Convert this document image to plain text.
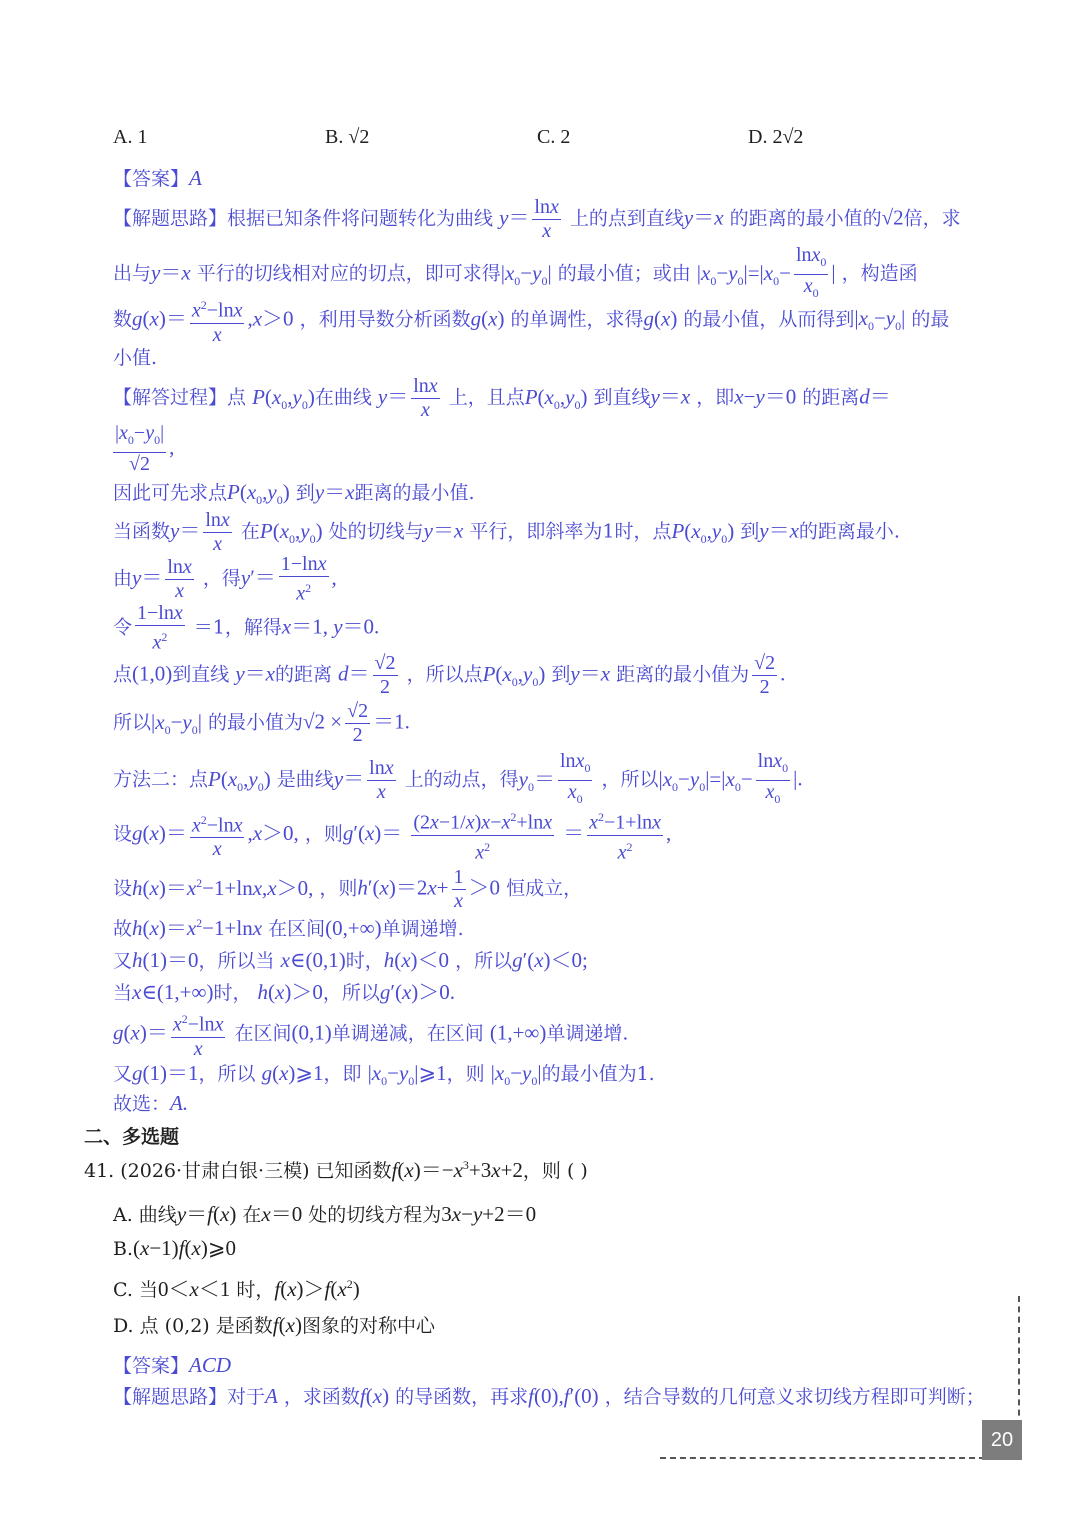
A. 1	B. √2	C. 2	D. 2√2
【答案】A
【解题思路】根据已知条件将问题转化为曲线 $y= \frac{\ln x}{x}$ 上的点到直线y＝x 的距离的最小值的√2倍，求
出与y＝x 平行的切线相对应的切点，即可求得$|x_0-y_0|$ 的最小值；或由 $|x_0-y_0|=|x_0- \frac{\ln x_0}{x_0}$ | ，构造函
数$g(x)= \frac{x^2-\ln x}{x} ,x>0$ ，利用导数分析函数g(x) 的单调性，求得g(x) 的最小值，从而得到$|x_0-y_0|$ 的最
小值.
【解答过程】点 $P(x_0,y_0)$在曲线 $y= \frac{\ln x}{x}$ 上，且点$P(x_0,y_0)$ 到直线y＝x ，即x−y＝0 的距离d＝
$\frac{|x_0-y_0|}{√2}$ ,
因此可先求点$P(x_0,y_0)$ 到y＝x距离的最小值.
当函数$y= \frac{\ln x}{x}$ 在$P(x_0,y_0)$ 处的切线与y＝x 平行，即斜率为1时，点$P(x_0,y_0)$ 到y＝x的距离最小.
由$y= \frac{\ln x}{x}$ ，得$y'= \frac{1-\ln x}{x^2}$ ,
令 $\frac{1-\ln x}{x^2} =1$，解得x＝1, y＝0.
点(1,0)到直线 y＝x的距离 $d= \frac{√2}{2}$ ，所以点$P(x_0,y_0)$ 到y＝x 距离的最小值为 $\frac{√2}{2}$ .
所以$|x_0-y_0|$ 的最小值为$√2 \times \frac{√2}{2} =1$.
方法二：点$P(x_0,y_0)$ 是曲线$y= \frac{\ln x}{x}$ 上的动点，得$y_0= \frac{\ln x_0}{x_0}$ ，所以$|x_0-y_0|=|x_0- \frac{\ln x_0}{x_0}$ |.
设$g(x)= \frac{x^2-\ln x}{x} ,x>0$, ，则$g'(x)= \frac{(2x-1/x)x-x^2+\ln x}{x^2} = \frac{x^2-1+\ln x}{x^2}$ ,
设$h(x)=x^2-1+\ln x,x>0$, ，则$h'(x)=2x+ \frac{1}{x} >0$ 恒成立，
故$h(x)=x^2-1+\ln x$ 在区间(0,+∞)单调递增.
又h(1)＝0，所以当 x∈(0,1)时，h(x)＜0 ，所以g′(x)＜0;
当x∈(1,+∞)时， h(x)＞0，所以g′(x)＞0.
$g(x)= \frac{x^2-\ln x}{x}$ 在区间(0,1)单调递减，在区间 (1,+∞)单调递增.
又g(1)＝1，所以 g(x)⩾1，即 $|x_0-y_0|⩾1$，则 $|x_0-y_0|$的最小值为1.
故选：A.
二、多选题
41. (2026·甘肃白银·三模) 已知函数$f(x)=-x^3+3x+2$，则 ( )
A. 曲线y＝f(x) 在x＝0 处的切线方程为3x−y+2＝0
B.(x−1)f(x)⩾0
C. 当0＜x＜1 时，$f(x)>f(x^2)$
D. 点 (0,2) 是函数f(x)图象的对称中心
【答案】ACD
【解题思路】对于A ，求函数f(x) 的导函数，再求f(0),f′(0) ，结合导数的几何意义求切线方程即可判断；
20
